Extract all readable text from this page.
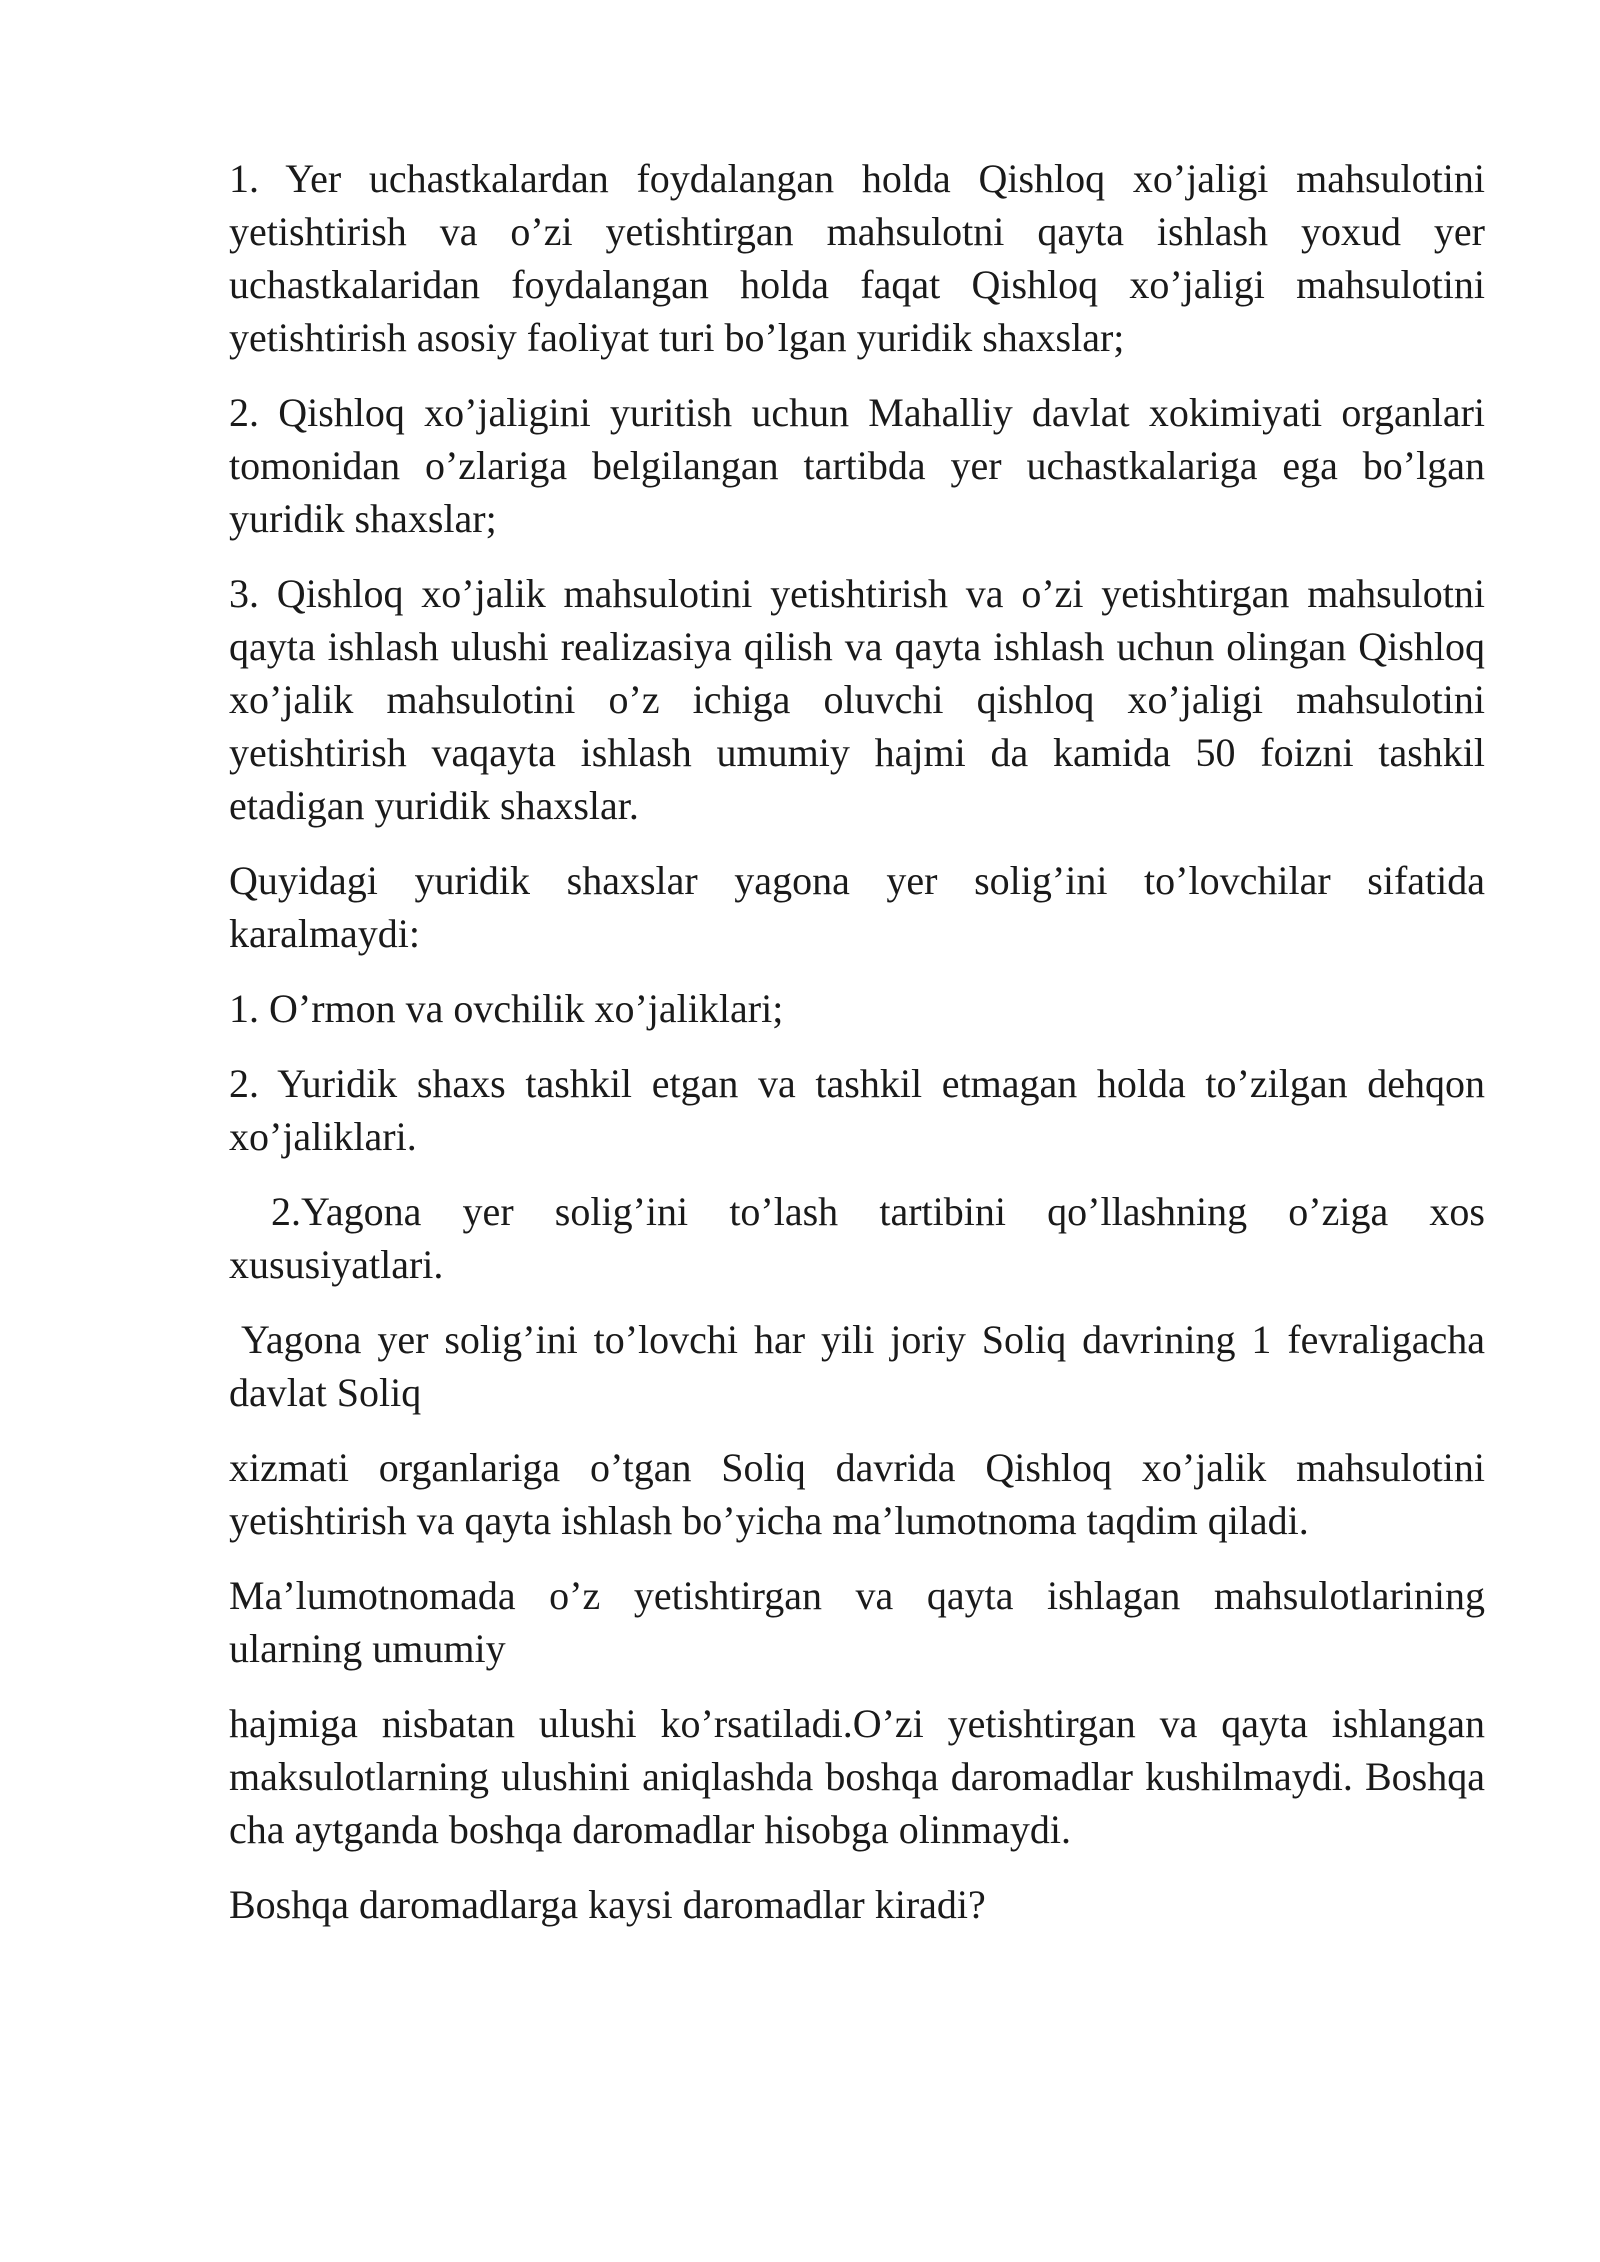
1. Yer uchastkalardan foydalangan holda Qishloq xo’jaligi mahsulotini yetishtirish va o’zi yetishtirgan mahsulotni qayta ishlash yoxud yer uchastkalaridan foydalangan holda faqat Qishloq xo’jaligi mahsulotini yetishtirish asosiy faoliyat turi bo’lgan yuridik shaxslar;

2. Qishloq xo’jaligini yuritish uchun Mahalliy davlat xokimiyati organlari tomonidan o’zlariga belgilangan tartibda yer uchastkalariga ega bo’lgan yuridik shaxslar;

3. Qishloq xo’jalik mahsulotini yetishtirish va o’zi yetishtirgan mahsulotni qayta ishlash ulushi realizasiya qilish va qayta ishlash uchun olingan Qishloq xo’jalik mahsulotini o’z ichiga oluvchi qishloq xo’jaligi mahsulotini yetishtirish vaqayta ishlash umumiy hajmi da kamida 50 foizni tashkil etadigan yuridik shaxslar.

Quyidagi yuridik shaxslar yagona yer solig’ini to’lovchilar sifatida karalmaydi:

1. O’rmon va ovchilik xo’jaliklari;

2. Yuridik shaxs tashkil etgan va tashkil etmagan holda to’zilgan dehqon xo’jaliklari.

2.Yagona yer solig’ini to’lash tartibini qo’llashning o’ziga xos xususiyatlari.

Yagona yer solig’ini to’lovchi har yili joriy Soliq davrining 1 fevraligacha davlat Soliq

xizmati organlariga o’tgan Soliq davrida Qishloq xo’jalik mahsulotini yetishtirish va qayta ishlash bo’yicha ma’lumotnoma taqdim qiladi.

Ma’lumotnomada o’z yetishtirgan va qayta ishlagan mahsulotlarining ularning umumiy

hajmiga nisbatan ulushi ko’rsatiladi.O’zi yetishtirgan va qayta ishlangan maksulotlarning ulushini aniqlashda boshqa daromadlar kushilmaydi. Boshqa cha aytganda boshqa daromadlar hisobga olinmaydi.

Boshqa daromadlarga kaysi daromadlar kiradi?
